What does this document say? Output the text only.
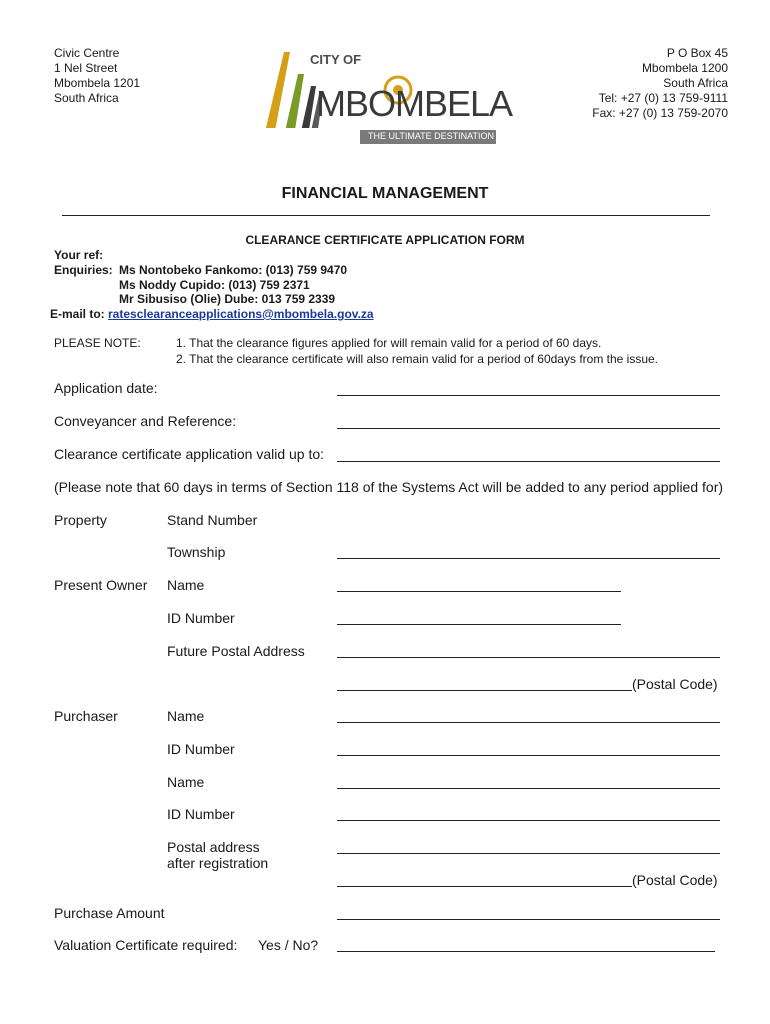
Civic Centre
1 Nel Street
Mbombela 1201
South Africa
CITY OF
MBOMBELA
THE ULTIMATE DESTINATION
P O Box 45
Mbombela 1200
South Africa
Tel: +27 (0) 13 759-9111
Fax: +27 (0) 13 759-2070
FINANCIAL MANAGEMENT
CLEARANCE CERTIFICATE APPLICATION FORM
Your ref:
Enquiries: Ms Nontobeko Fankomo: (013) 759 9470
Ms Noddy Cupido: (013) 759 2371
Mr Sibusiso (Olie) Dube: 013 759 2339
E-mail to: ratesclearanceapplications@mbombela.gov.za
PLEASE NOTE:	1. That the clearance figures applied for will remain valid for a period of 60 days.
2. That the clearance certificate will also remain valid for a period of 60days from the issue.
Application date:
Conveyancer and Reference:
Clearance certificate application valid up to:
(Please note that 60 days in terms of Section 118 of the Systems Act will be added to any period applied for)
Property	Stand Number
Township
Present Owner Name
ID Number
Future Postal Address
(Postal Code)
Purchaser	Name
ID Number
Name
ID Number
Postal address
after registration
(Postal Code)
Purchase Amount
Valuation Certificate required: Yes / No?
